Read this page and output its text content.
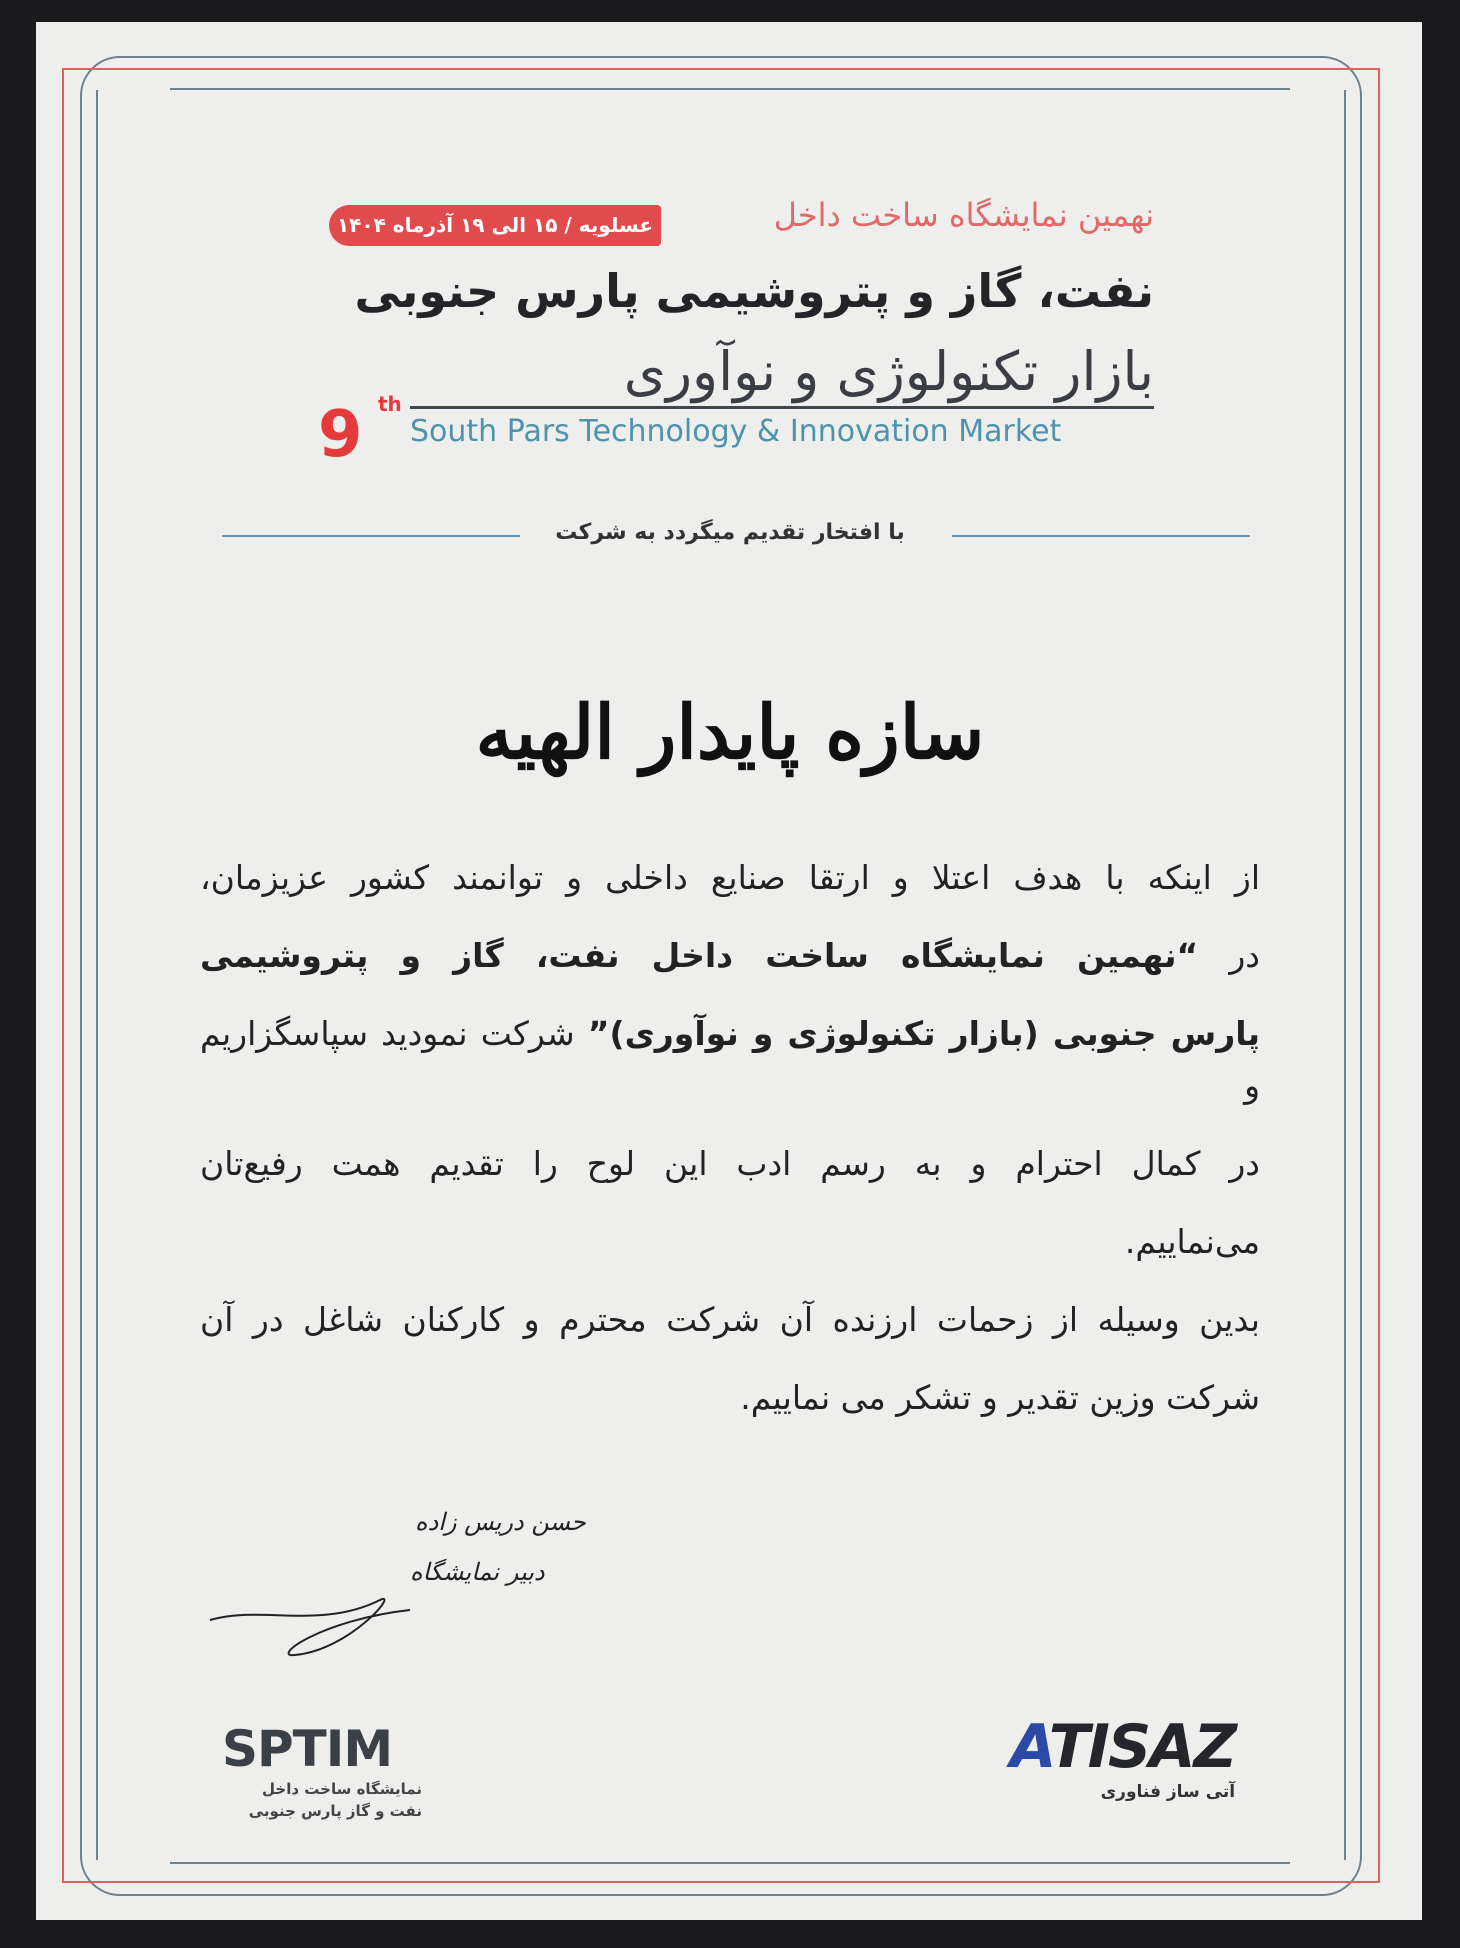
عسلویه / ۱۵ الی ۱۹ آذرماه ۱۴۰۴	نهمین نمایشگاه ساخت داخل
نفت، گاز و پتروشیمی پارس جنوبی
بازار تکنولوژی و نوآوری
9 th
South Pars Technology & Innovation Market
با افتخار تقدیم میگردد به شرکت
سازه پایدار الهیه
از اینکه با هدف اعتلا و ارتقا صنایع داخلی و توانمند کشور عزیزمان،
در “نهمین نمایشگاه ساخت داخل نفت، گاز و پتروشیمی
پارس جنوبی (بازار تکنولوژی و نوآوری)” شرکت نمودید سپاسگزاریم و
در کمال احترام و به رسم ادب این لوح را تقدیم همت رفیع‌تان
می‌نماییم.
بدین وسیله از زحمات ارزنده آن شرکت محترم و کارکنان شاغل در آن
شرکت وزین تقدیر و تشکر می نماییم.
حسن دریس زاده
دبیر نمایشگاه
SPTIM
نمایشگاه ساخت داخل
نفت و گاز پارس جنوبی
ATISAZ
آتی ساز فناوری
